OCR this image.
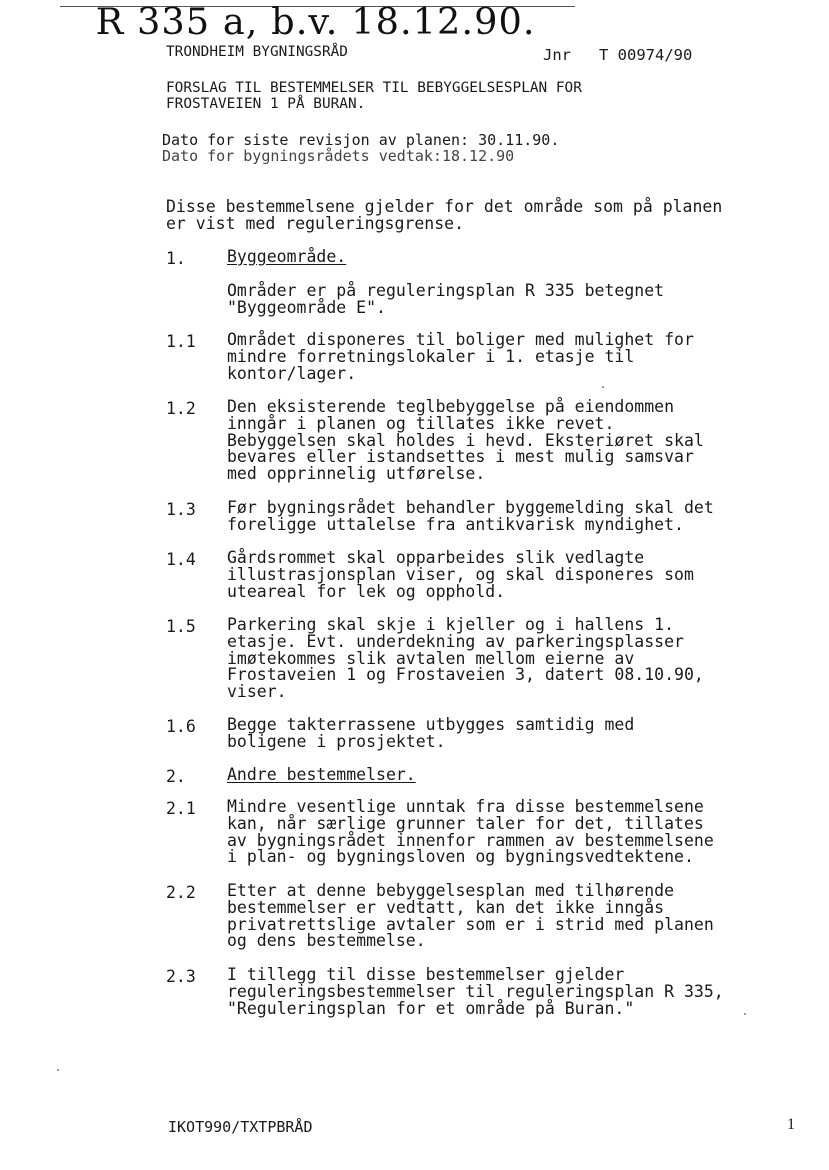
R 335 a, b.v. 18.12.90.
TRONDHEIM BYGNINGSRÅD	Jnr   T 00974/90
FORSLAG TIL BESTEMMELSER TIL BEBYGGELSESPLAN FOR
FROSTAVEIEN 1 PÅ BURAN.
Dato for siste revisjon av planen: 30.11.90.
Dato for bygningsrådets vedtak:18.12.90
Disse bestemmelsene gjelder for det område som på planen
er vist med reguleringsgrense.
1. Byggeområde.
Områder er på reguleringsplan R 335 betegnet
"Byggeområde E".
1.1 Området disponeres til boliger med mulighet for
mindre forretningslokaler i 1. etasje til
kontor/lager.
1.2 Den eksisterende teglbebyggelse på eiendommen
inngår i planen og tillates ikke revet.
Bebyggelsen skal holdes i hevd. Eksteriøret skal
bevares eller istandsettes i mest mulig samsvar
med opprinnelig utførelse.
1.3 Før bygningsrådet behandler byggemelding skal det
foreligge uttalelse fra antikvarisk myndighet.
1.4 Gårdsrommet skal opparbeides slik vedlagte
illustrasjonsplan viser, og skal disponeres som
uteareal for lek og opphold.
1.5 Parkering skal skje i kjeller og i hallens 1.
etasje. Evt. underdekning av parkeringsplasser
imøtekommes slik avtalen mellom eierne av
Frostaveien 1 og Frostaveien 3, datert 08.10.90,
viser.
1.6 Begge takterrassene utbygges samtidig med
boligene i prosjektet.
2. Andre bestemmelser.
2.1 Mindre vesentlige unntak fra disse bestemmelsene
kan, når særlige grunner taler for det, tillates
av bygningsrådet innenfor rammen av bestemmelsene
i plan- og bygningsloven og bygningsvedtektene.
2.2 Etter at denne bebyggelsesplan med tilhørende
bestemmelser er vedtatt, kan det ikke inngås
privatrettslige avtaler som er i strid med planen
og dens bestemmelse.
2.3 I tillegg til disse bestemmelser gjelder
reguleringsbestemmelser til reguleringsplan R 335,
"Reguleringsplan for et område på Buran."
IKOT990/TXTPBRÅD	1
